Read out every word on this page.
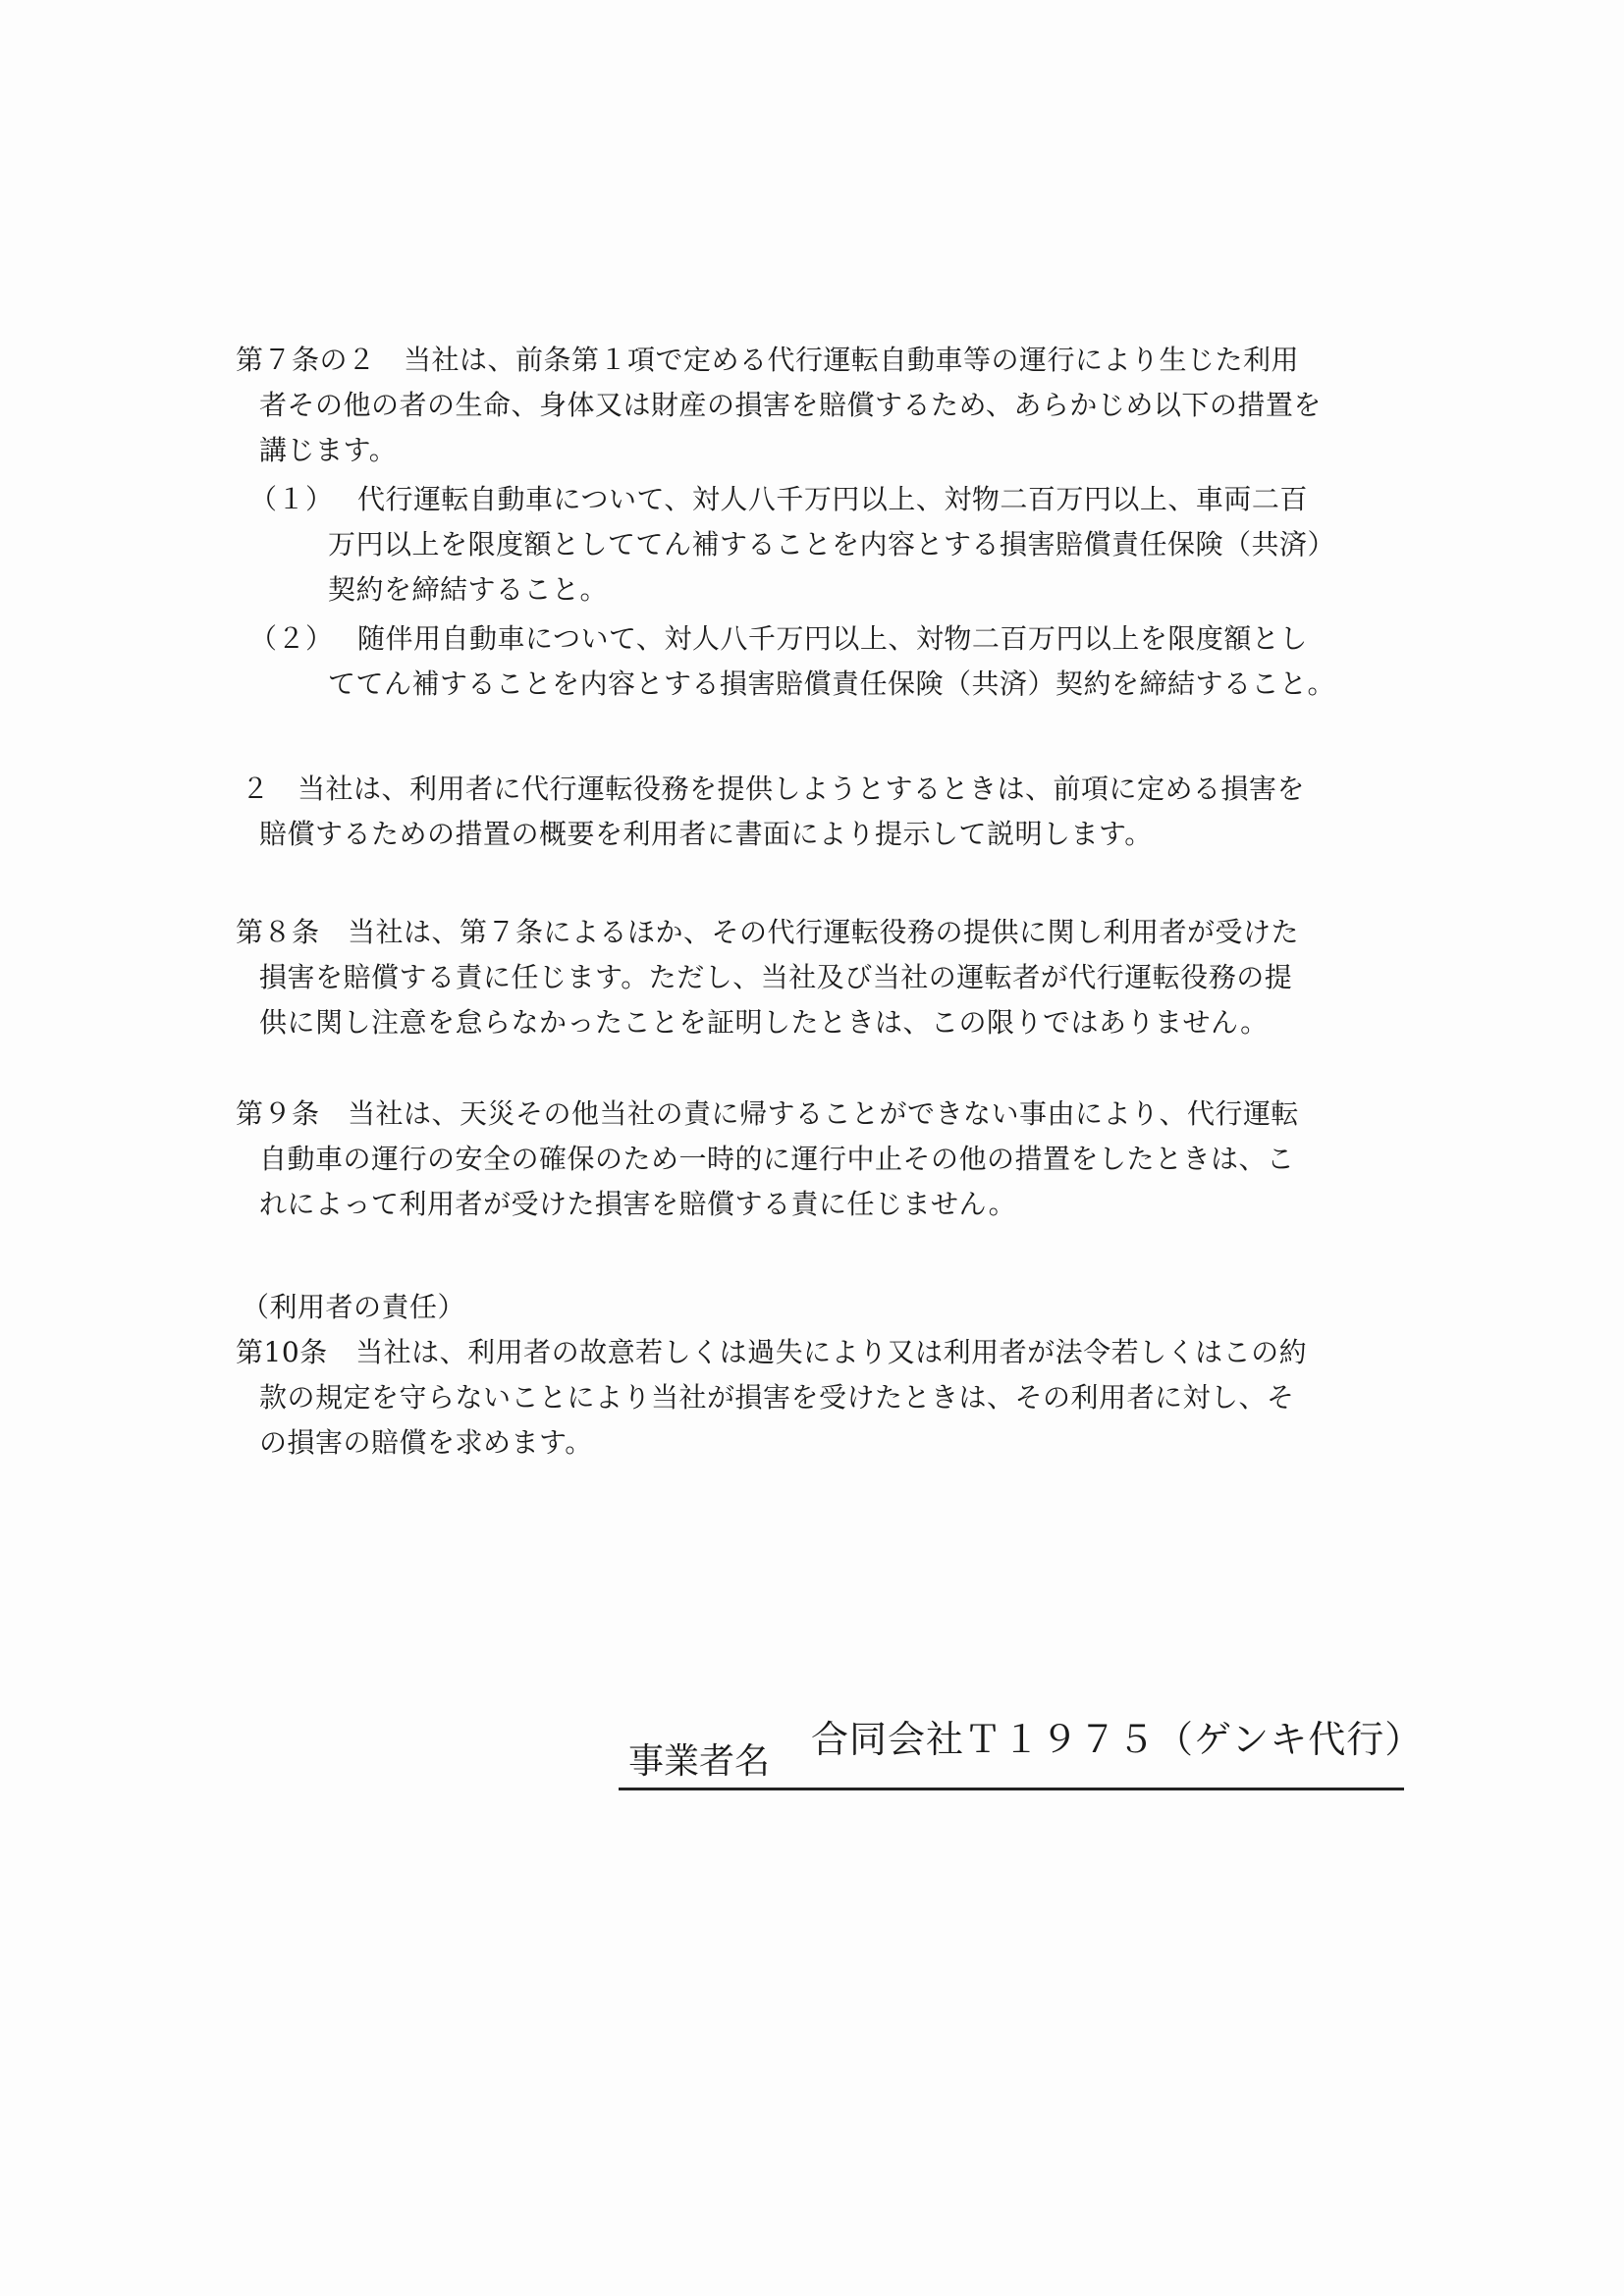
第７条の２　当社は、前条第１項で定める代行運転自動車等の運行により生じた利用
者その他の者の生命、身体又は財産の損害を賠償するため、あらかじめ以下の措置を
講じます。
（１） 代行運転自動車について、対人八千万円以上、対物二百万円以上、車両二百
万円以上を限度額としててん補することを内容とする損害賠償責任保険（共済）
契約を締結すること。
（２） 随伴用自動車について、対人八千万円以上、対物二百万円以上を限度額とし
ててん補することを内容とする損害賠償責任保険（共済）契約を締結すること。
２　当社は、利用者に代行運転役務を提供しようとするときは、前項に定める損害を
賠償するための措置の概要を利用者に書面により提示して説明します。
第８条　当社は、第７条によるほか、その代行運転役務の提供に関し利用者が受けた
損害を賠償する責に任じます。ただし、当社及び当社の運転者が代行運転役務の提
供に関し注意を怠らなかったことを証明したときは、この限りではありません。
第９条　当社は、天災その他当社の責に帰することができない事由により、代行運転
自動車の運行の安全の確保のため一時的に運行中止その他の措置をしたときは、こ
れによって利用者が受けた損害を賠償する責に任じません。
（利用者の責任）
第10条　当社は、利用者の故意若しくは過失により又は利用者が法令若しくはこの約
款の規定を守らないことにより当社が損害を受けたときは、その利用者に対し、そ
の損害の賠償を求めます。
事業者名
合同会社Ｔ１９７５（ゲンキ代行）
